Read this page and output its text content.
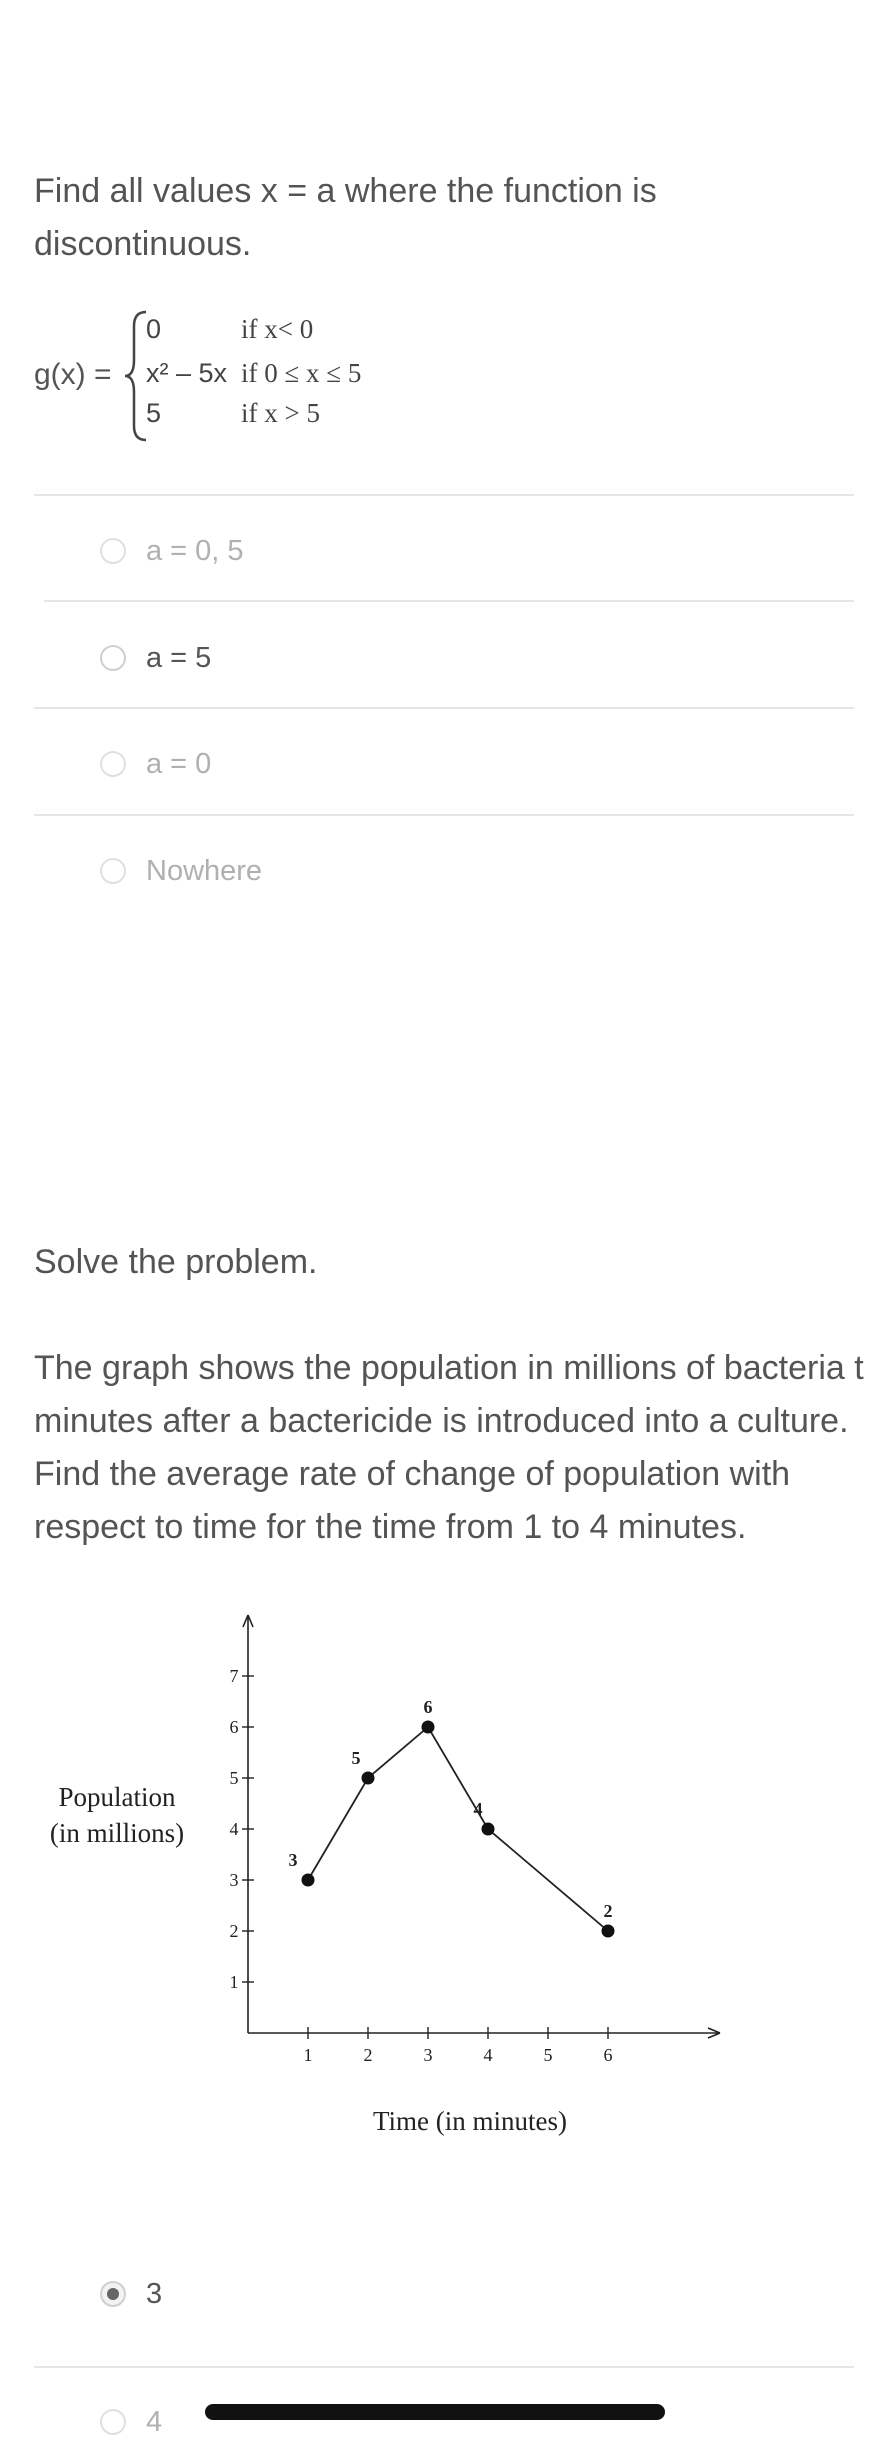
Find all values x = a where the function is discontinuous.
g(x) =
0	if x< 0
x² – 5x if 0 ≤ x ≤ 5
5	if x > 5
a = 0, 5
a = 5
a = 0
Nowhere
Solve the problem.
The graph shows the population in millions of bacteria t minutes after a bactericide is introduced into a culture. Find the average rate of change of population with respect to time for the time from 1 to 4 minutes.
1	2	3	4	5	6
1
2
3
4
5
6
7
3
5
6
4
2
Population
(in millions)
Time (in minutes)
3
4
